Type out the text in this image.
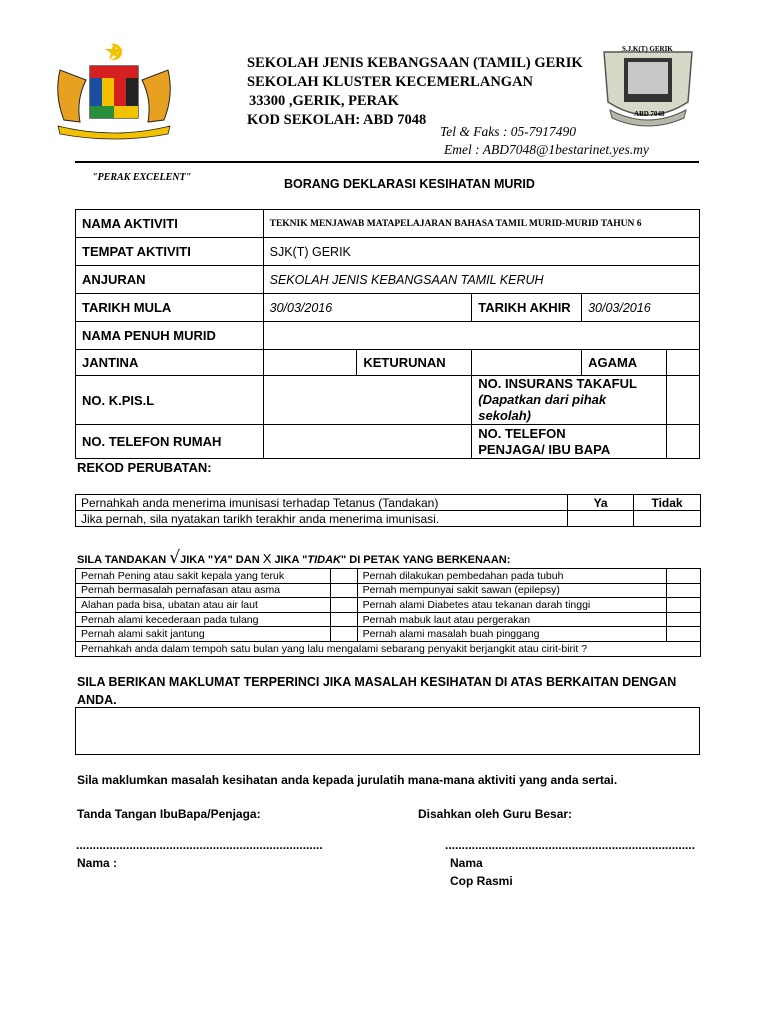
SEKOLAH JENIS KEBANGSAAN (TAMIL) GERIK
SEKOLAH KLUSTER KECEMERLANGAN
33300 ,GERIK, PERAK
KOD SEKOLAH: ABD 7048
Tel & Faks : 05-7917490
Emel : ABD7048@1bestarinet.yes.my
S.J.K(T) GERIK
ABD 7048
"PERAK EXCELENT"	BORANG DEKLARASI KESIHATAN MURID
NAMA AKTIVITI	TEKNIK MENJAWAB MATAPELAJARAN BAHASA TAMIL MURID-MURID TAHUN 6				
TEMPAT AKTIVITI	SJK(T) GERIK				
ANJURAN	SEKOLAH JENIS KEBANGSAAN TAMIL KERUH				
TARIKH MULA	30/03/2016		TARIKH AKHIR	30/03/2016	
NAMA PENUH MURID					
JANTINA		KETURUNAN		AGAMA	
NO. K.PIS.L			NO. INSURANS TAKAFUL
(Dapatkan dari pihak sekolah)		

NO. TELEFON RUMAH			NO. TELEFON
PENJAGA/ IBU BAPA		

REKOD PERUBATAN:
Pernahkah anda menerima imunisasi terhadap Tetanus (Tandakan)	Ya	Tidak
Jika pernah, sila nyatakan tarikh terakhir anda menerima imunisasi.		
SILA TANDAKAN √JIKA "YA" DAN X JIKA "TIDAK" DI PETAK YANG BERKENAAN:
Pernah Pening atau sakit kepala yang teruk		Pernah dilakukan pembedahan pada tubuh	
Pernah bermasalah pernafasan atau asma		Pernah mempunyai sakit sawan (epilepsy)	
Alahan pada bisa, ubatan atau air laut		Pernah alami Diabetes atau tekanan darah tinggi	
Pernah alami kecederaan pada tulang		Pernah mabuk laut atau pergerakan	
Pernah alami sakit jantung		Pernah alami masalah buah pinggang	
Pernahkah anda dalam tempoh satu bulan yang lalu mengalami sebarang penyakit berjangkit atau cirit-birit ?			
SILA BERIKAN MAKLUMAT TERPERINCI JIKA MASALAH KESIHATAN DI ATAS BERKAITAN DENGAN
ANDA.
Sila maklumkan masalah kesihatan anda kepada jurulatih mana-mana aktiviti yang anda sertai.
Tanda Tangan IbuBapa/Penjaga:	Disahkan oleh Guru Besar:
..........................................................................	...........................................................................
Nama :	Nama
Cop Rasmi
